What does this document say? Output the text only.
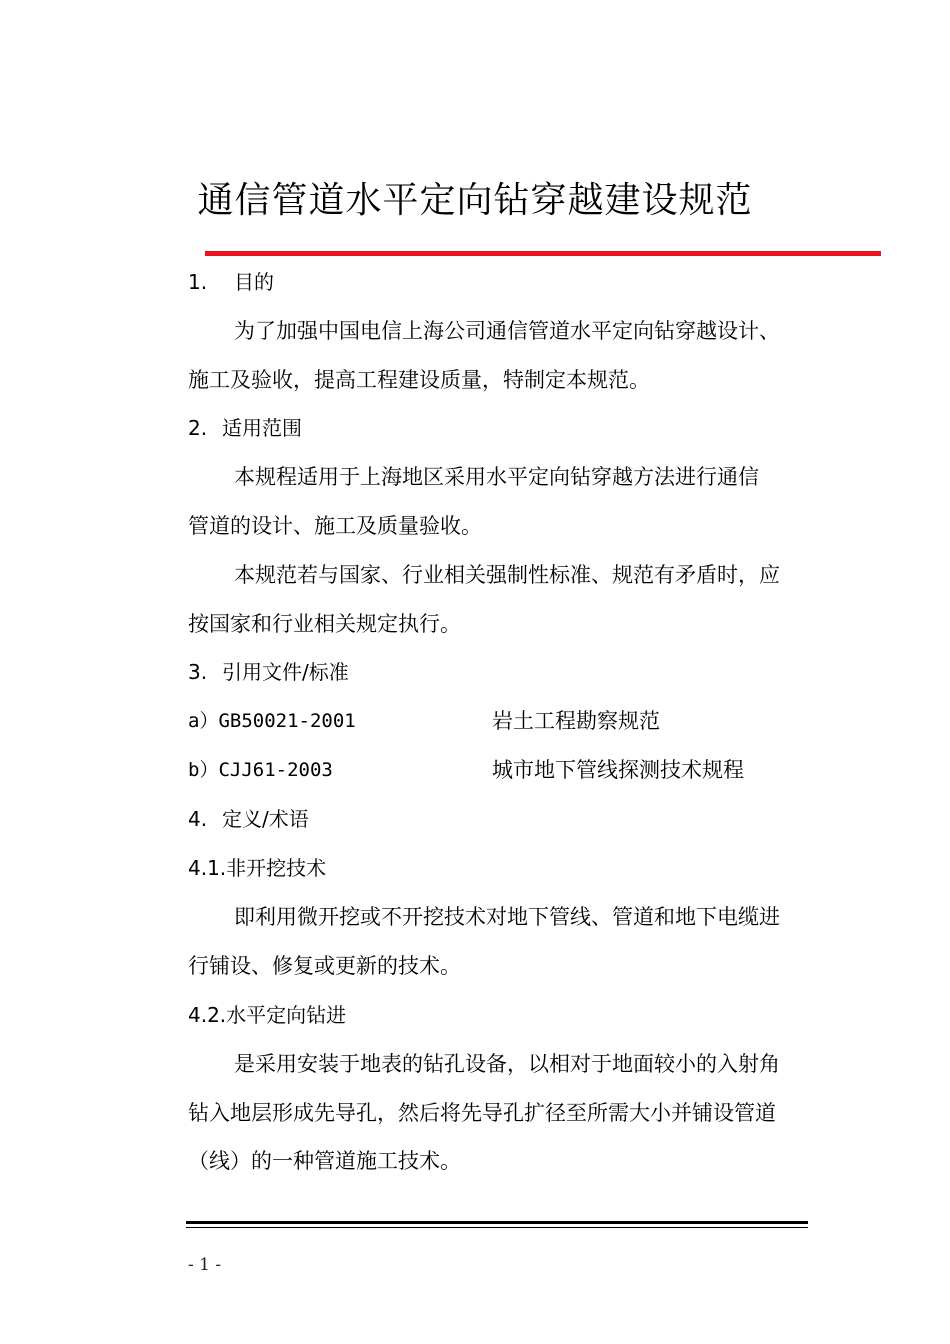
通信管道水平定向钻穿越建设规范
1. 目的
为了加强中国电信上海公司通信管道水平定向钻穿越设计、
施工及验收，提高工程建设质量，特制定本规范。
2. 适用范围
本规程适用于上海地区采用水平定向钻穿越方法进行通信
管道的设计、施工及质量验收。
本规范若与国家、行业相关强制性标准、规范有矛盾时，应
按国家和行业相关规定执行。
3. 引用文件/标准
a）GB50021-2001	岩土工程勘察规范
b）CJJ61-2003	城市地下管线探测技术规程
4. 定义/术语
4.1.非开挖技术
即利用微开挖或不开挖技术对地下管线、管道和地下电缆进
行铺设、修复或更新的技术。
4.2.水平定向钻进
是采用安装于地表的钻孔设备，以相对于地面较小的入射角
钻入地层形成先导孔，然后将先导孔扩径至所需大小并铺设管道
（线）的一种管道施工技术。
- 1 -
